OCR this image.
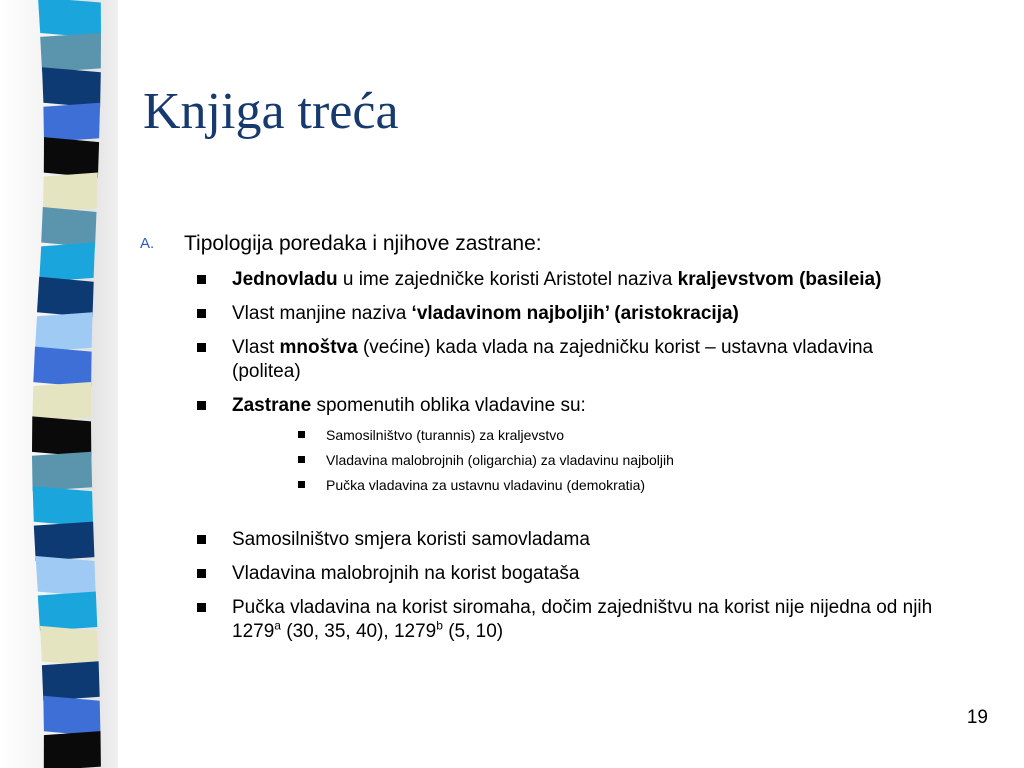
Knjiga treća
A. Tipologija poredaka i njihove zastrane:
Jednovladu u ime zajedničke koristi Aristotel naziva kraljevstvom (basileia)
Vlast manjine naziva ‘vladavinom najboljih’ (aristokracija)
Vlast mnoštva (većine) kada vlada na zajedničku korist – ustavna vladavina (politea)
Zastrane spomenutih oblika vladavine su:
Samosilništvo (turannis) za kraljevstvo
Vladavina malobrojnih (oligarchia) za vladavinu najboljih
Pučka vladavina za ustavnu vladavinu (demokratia)
Samosilništvo smjera koristi samovladama
Vladavina malobrojnih na korist bogataša
Pučka vladavina na korist siromaha, dočim zajedništvu na korist nije nijedna od njih 1279$^a$ (30, 35, 40), 1279$^b$ (5, 10)
19
